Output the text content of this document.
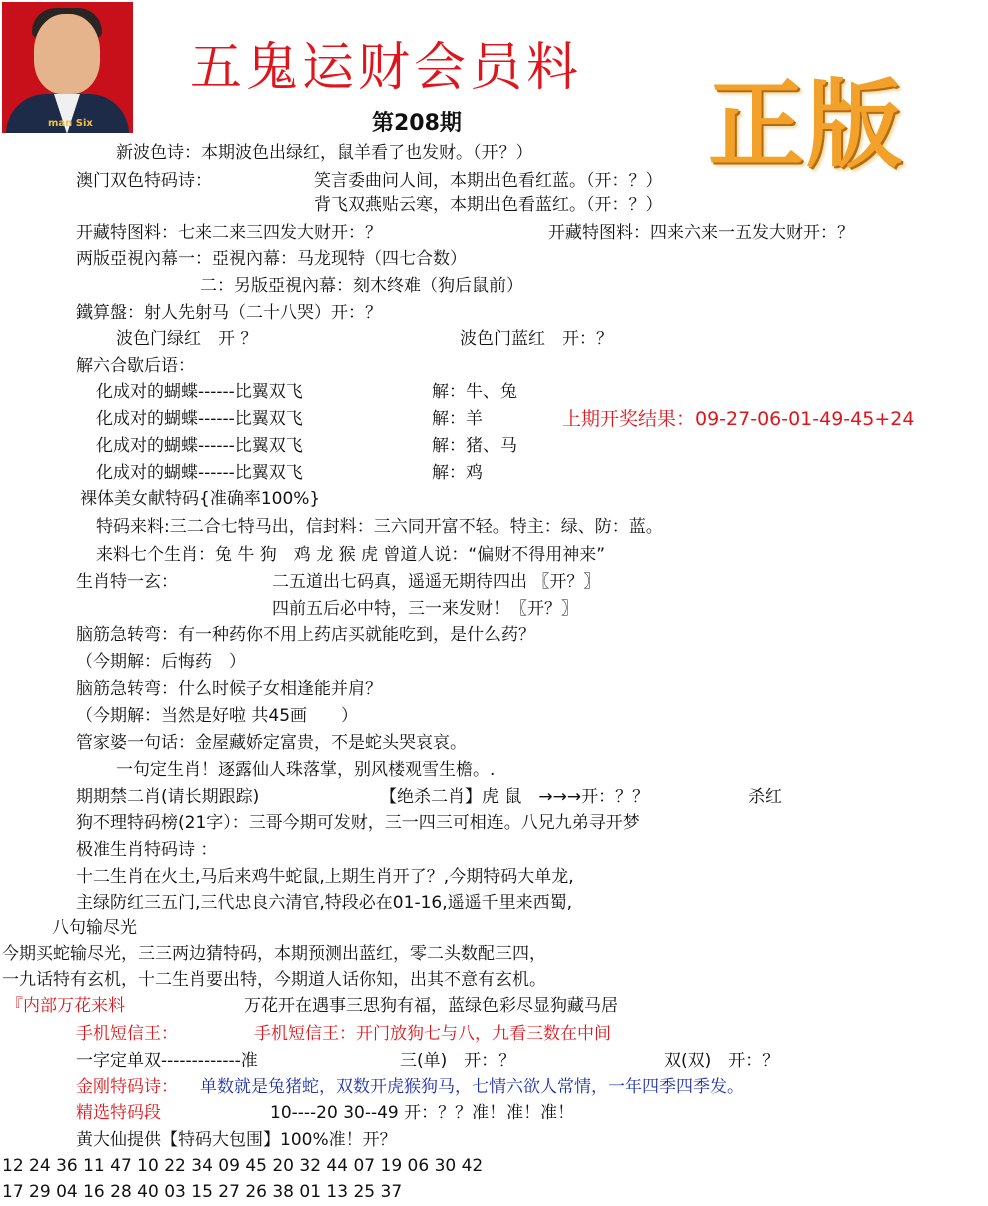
man Six
五鬼运财会员料
第208期	正版
新波色诗：本期波色出绿红，鼠羊看了也发财。（开？）
澳门双色特码诗：	笑言委曲问人间，本期出色看红蓝。（开：？）
背飞双燕贴云寒，本期出色看蓝红。（开：？）
开藏特图料：七来二来三四发大财开：？	开藏特图料：四来六来一五发大财开：？
两版亞視內幕一：亞視內幕：马龙现特（四七合数）
二：另版亞視內幕：刻木终难（狗后鼠前）
鐵算盤：射人先射马（二十八哭）开：？
波色门绿红　开 ？	波色门蓝红　开：？
解六合歇后语：
化成对的蝴蝶------比翼双飞	解：牛、兔
化成对的蝴蝶------比翼双飞	解：羊
化成对的蝴蝶------比翼双飞	解：猪、马
化成对的蝴蝶------比翼双飞	解：鸡
上期开奖结果：09-27-06-01-49-45+24
裸体美女献特码{准确率100%}
特码来料:三二合七特马出，信封料：三六同开富不轻。特主：绿、防：蓝。
来料七个生肖：兔 牛 狗　鸡 龙 猴 虎 曾道人说：“偏财不得用神来”
生肖特一玄：	二五道出七码真，遥遥无期待四出 〖开？〗
四前五后必中特，三一来发财！〖开？〗
脑筋急转弯：有一种药你不用上药店买就能吃到，是什么药？
（今期解：后悔药　）
脑筋急转弯：什么时候子女相逢能并肩？
（今期解：当然是好啦 共45画　　）
管家婆一句话：金屋藏娇定富贵，不是蛇头哭哀哀。
一句定生肖！逐露仙人珠落掌，别风楼观雪生檐。.
期期禁二肖(请长期跟踪)	【绝杀二肖】虎 鼠　→→→开：？？	杀红
狗不理特码榜(21字）：三哥今期可发财，三一四三可相连。八兄九弟寻开梦
极准生肖特码诗 ：
十二生肖在火土,马后来鸡牛蛇鼠,上期生肖开了？,今期特码大单龙,
主绿防红三五门,三代忠良六清官,特段必在01-16,遥遥千里来西蜀,
八句输尽光
今期买蛇输尽光，三三两边猜特码，本期预测出蓝红，零二头数配三四，
一九话特有玄机，十二生肖要出特，今期道人话你知，出其不意有玄机。
『内部万花来料	万花开在遇事三思狗有福，蓝绿色彩尽显狗藏马居
手机短信王：	手机短信王：开门放狗七与八，九看三数在中间
一字定单双-------------准	三(单)　开：？	双(双)　开：？
金刚特码诗： 单数就是兔猪蛇，双数开虎猴狗马，七情六欲人常情，一年四季四季发。
精选特码段	10----20 30--49 开：？？准！准！准！
黄大仙提供【特码大包围】100%准！开？
12 24 36 11 47 10 22 34 09 45 20 32 44 07 19 06 30 42
17 29 04 16 28 40 03 15 27 26 38 01 13 25 37
